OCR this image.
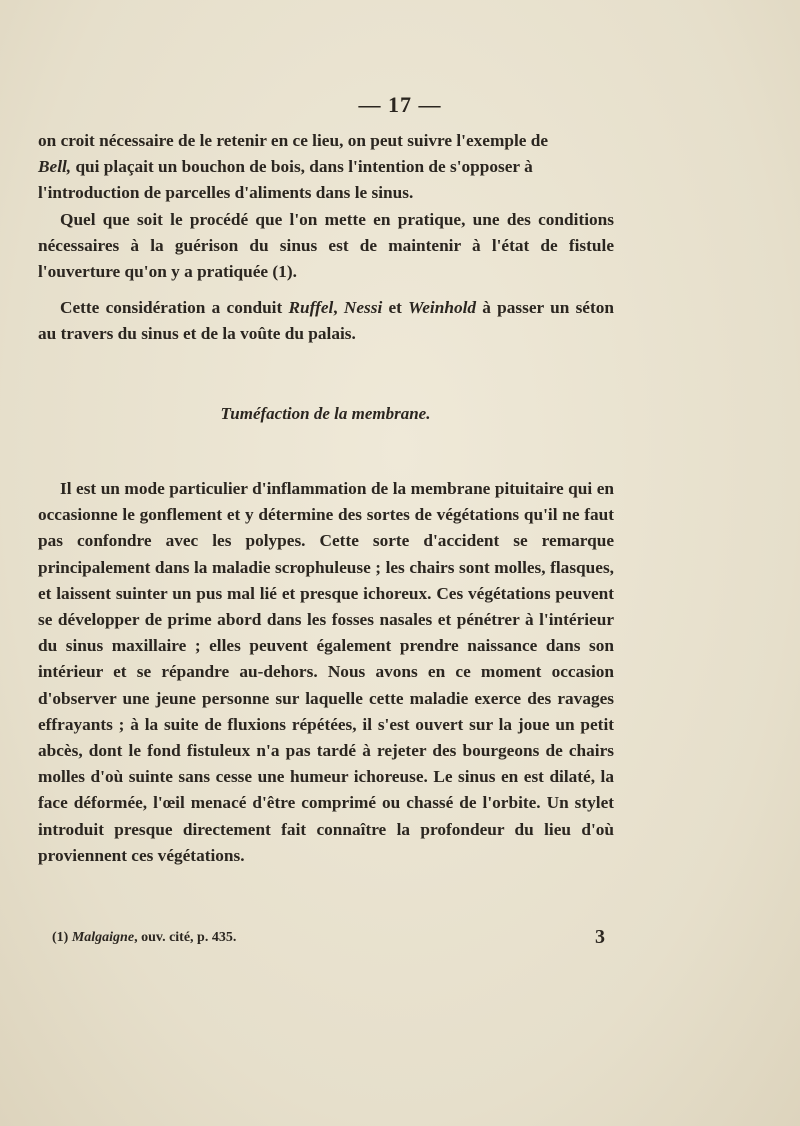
— 17 —

on croit nécessaire de le retenir en ce lieu, on peut suivre l'exemple de

Bell, qui plaçait un bouchon de bois, dans l'intention de s'opposer à

l'introduction de parcelles d'aliments dans le sinus.

Quel que soit le procédé que l'on mette en pratique, une des conditions nécessaires à la guérison du sinus est de maintenir à l'état de fistule l'ouverture qu'on y a pratiquée (1).

Cette considération a conduit Ruffel, Nessi et Weinhold à passer un séton au travers du sinus et de la voûte du palais.

Tuméfaction de la membrane.

Il est un mode particulier d'inflammation de la membrane pituitaire qui en occasionne le gonflement et y détermine des sortes de végétations qu'il ne faut pas confondre avec les polypes. Cette sorte d'accident se remarque principalement dans la maladie scrophuleuse ; les chairs sont molles, flasques, et laissent suinter un pus mal lié et presque ichoreux. Ces végétations peuvent se développer de prime abord dans les fosses nasales et pénétrer à l'intérieur du sinus maxillaire ; elles peuvent également prendre naissance dans son intérieur et se répandre au-dehors. Nous avons en ce moment occasion d'observer une jeune personne sur laquelle cette maladie exerce des ravages effrayants ; à la suite de fluxions répétées, il s'est ouvert sur la joue un petit abcès, dont le fond fistuleux n'a pas tardé à rejeter des bourgeons de chairs molles d'où suinte sans cesse une humeur ichoreuse. Le sinus en est dilaté, la face déformée, l'œil menacé d'être comprimé ou chassé de l'orbite. Un stylet introduit presque directement fait connaître la profondeur du lieu d'où proviennent ces végétations.

(1) Malgaigne, ouv. cité, p. 435.	3
